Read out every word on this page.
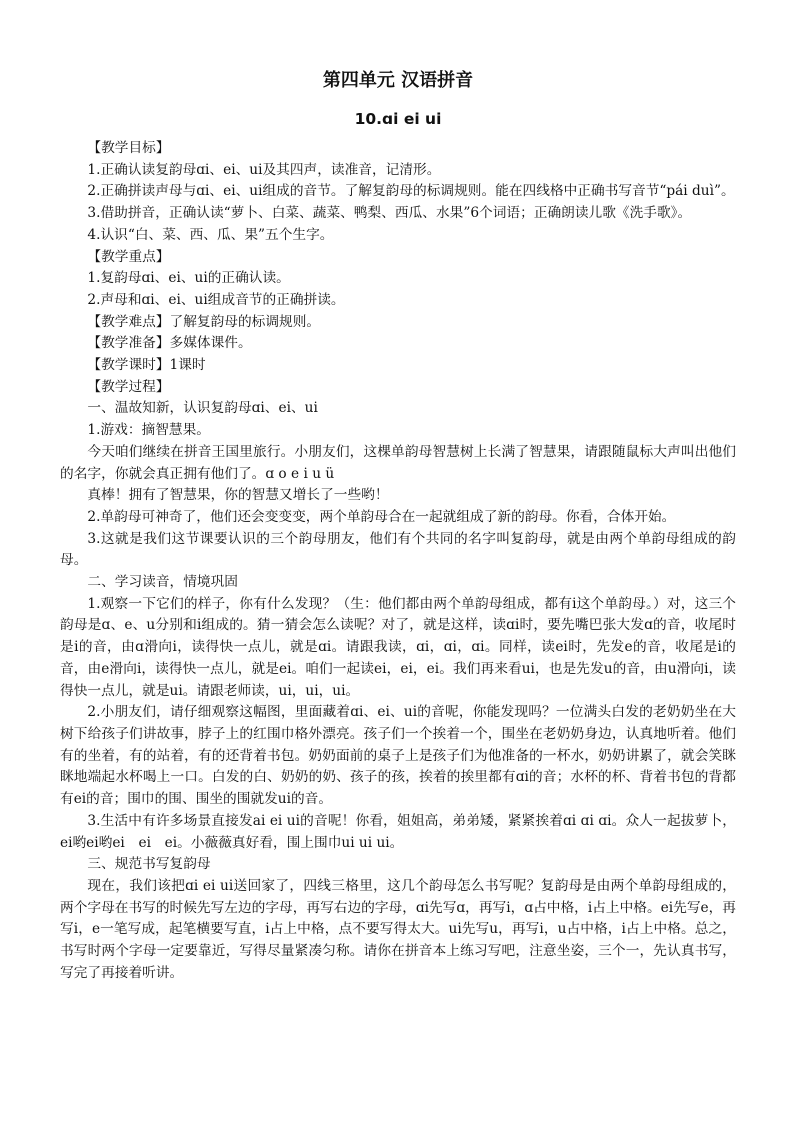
第四单元 汉语拼音
10.ɑi ei ui

【教学目标】

1.正确认读复韵母ɑi、ei、ui及其四声，读准音，记清形。

2.正确拼读声母与ɑi、ei、ui组成的音节。了解复韵母的标调规则。能在四线格中正确书写音节“pái duì”。

3.借助拼音，正确认读“萝卜、白菜、蔬菜、鸭梨、西瓜、水果”6个词语；正确朗读儿歌《洗手歌》。

4.认识“白、菜、西、瓜、果”五个生字。

【教学重点】

1.复韵母ɑi、ei、ui的正确认读。

2.声母和ɑi、ei、ui组成音节的正确拼读。

【教学难点】了解复韵母的标调规则。

【教学准备】多媒体课件。

【教学课时】1课时

【教学过程】

一、温故知新，认识复韵母ɑi、ei、ui

1.游戏：摘智慧果。

今天咱们继续在拼音王国里旅行。小朋友们，这棵单韵母智慧树上长满了智慧果，请跟随鼠标大声叫出他们的名字，你就会真正拥有他们了。ɑ o e i u ü

真棒！拥有了智慧果，你的智慧又增长了一些哟！

2.单韵母可神奇了，他们还会变变变，两个单韵母合在一起就组成了新的韵母。你看，合体开始。

3.这就是我们这节课要认识的三个韵母朋友，他们有个共同的名字叫复韵母，就是由两个单韵母组成的韵母。

二、学习读音，情境巩固

1.观察一下它们的样子，你有什么发现？（生：他们都由两个单韵母组成，都有i这个单韵母。）对，这三个韵母是ɑ、e、u分别和i组成的。猜一猜会怎么读呢？对了，就是这样，读ɑi时，要先嘴巴张大发ɑ的音，收尾时是i的音，由ɑ滑向i，读得快一点儿，就是ɑi。请跟我读，ɑi，ɑi，ɑi。同样，读ei时，先发e的音，收尾是i的音，由e滑向i，读得快一点儿，就是ei。咱们一起读ei，ei，ei。我们再来看ui，也是先发u的音，由u滑向i，读得快一点儿，就是ui。请跟老师读，ui，ui，ui。

2.小朋友们，请仔细观察这幅图，里面藏着ɑi、ei、ui的音呢，你能发现吗？一位满头白发的老奶奶坐在大树下给孩子们讲故事，脖子上的红围巾格外漂亮。孩子们一个挨着一个，围坐在老奶奶身边，认真地听着。他们有的坐着，有的站着，有的还背着书包。奶奶面前的桌子上是孩子们为他准备的一杯水，奶奶讲累了，就会笑眯眯地端起水杯喝上一口。白发的白、奶奶的奶、孩子的孩，挨着的挨里都有ɑi的音；水杯的杯、背着书包的背都有ei的音；围巾的围、围坐的围就发ui的音。

3.生活中有许多场景直接发ai ei ui的音呢！你看，姐姐高，弟弟矮，紧紧挨着ɑi ɑi ɑi。众人一起拔萝卜，ei哟ei哟ei　ei　ei。小薇薇真好看，围上围巾ui ui ui。

三、规范书写复韵母

现在，我们该把ɑi ei ui送回家了，四线三格里，这几个韵母怎么书写呢？复韵母是由两个单韵母组成的，两个字母在书写的时候先写左边的字母，再写右边的字母，ɑi先写ɑ，再写i，ɑ占中格，i占上中格。ei先写e，再写i，e一笔写成，起笔横要写直，i占上中格，点不要写得太大。ui先写u，再写i，u占中格，i占上中格。总之，书写时两个字母一定要靠近，写得尽量紧凑匀称。请你在拼音本上练习写吧，注意坐姿，三个一，先认真书写，写完了再接着听讲。
